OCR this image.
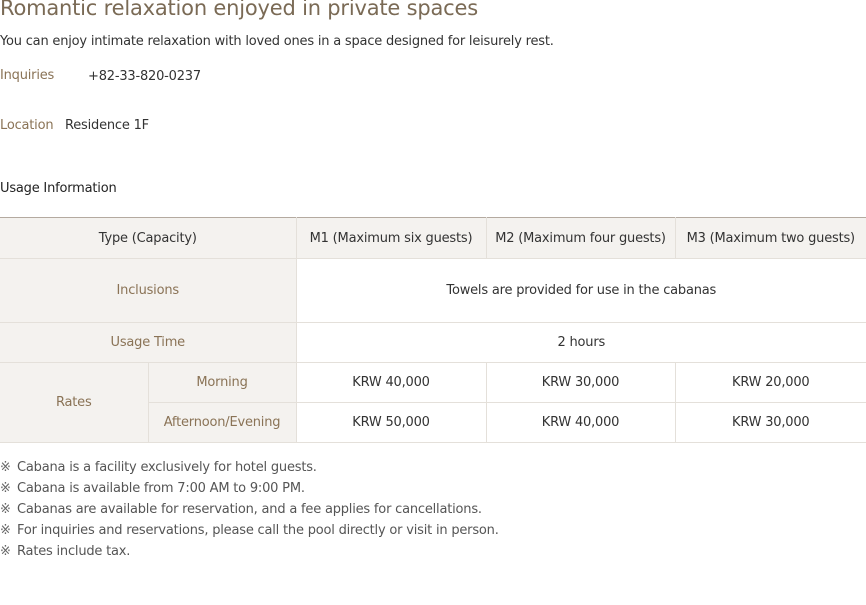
Romantic relaxation enjoyed in private spaces
You can enjoy intimate relaxation with loved ones in a space designed for leisurely rest.
Inquiries	+82-33-820-0237
Location Residence 1F
Usage Information
Type (Capacity)		M1 (Maximum six guests)	M2 (Maximum four guests)	M3 (Maximum two guests)
Inclusions		Towels are provided for use in the cabanas		
Usage Time		2 hours		
Rates	Morning	KRW 40,000	KRW 30,000	KRW 20,000
	Afternoon/Evening	KRW 50,000	KRW 40,000	KRW 30,000
※ Cabana is a facility exclusively for hotel guests.
※ Cabana is available from 7:00 AM to 9:00 PM.
※ Cabanas are available for reservation, and a fee applies for cancellations.
※ For inquiries and reservations, please call the pool directly or visit in person.
※ Rates include tax.
